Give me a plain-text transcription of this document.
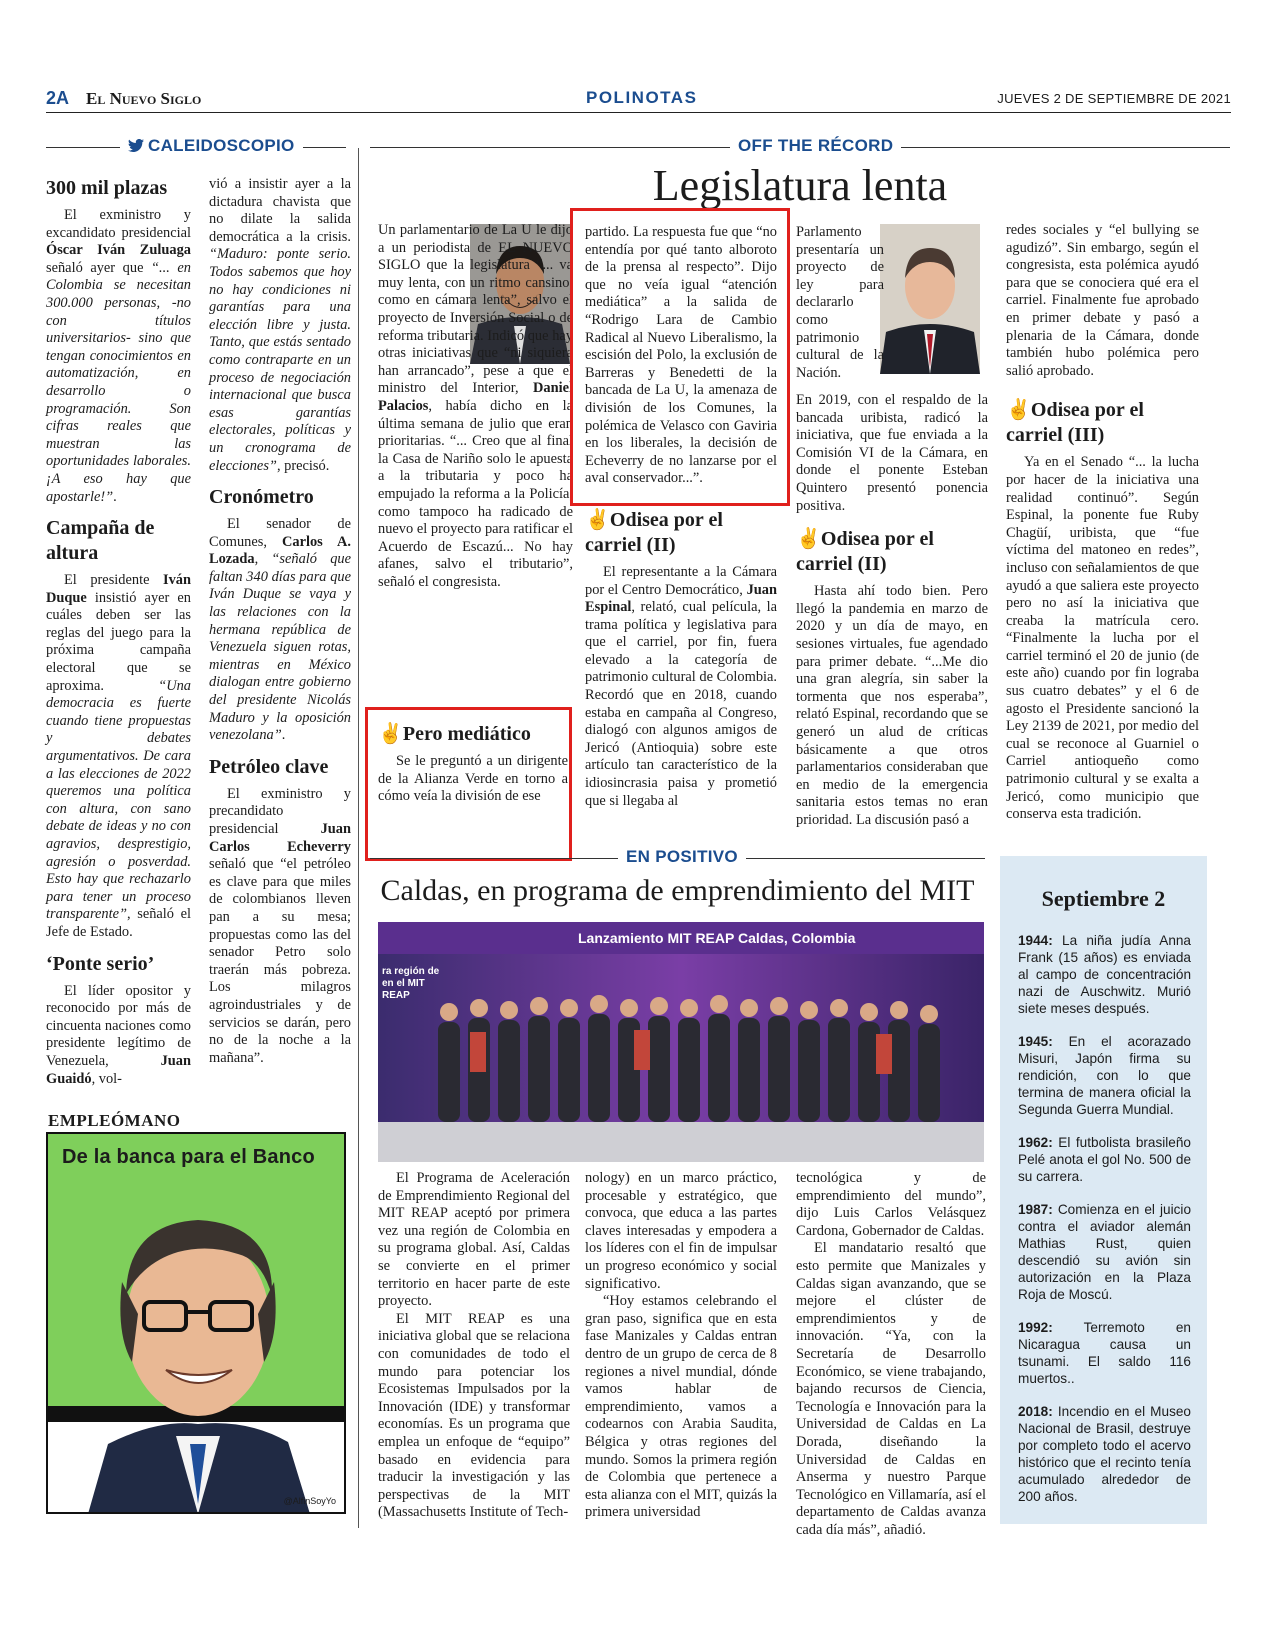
2A El Nuevo Siglo	POLINOTAS	JUEVES 2 DE SEPTIEMBRE DE 2021
CALEIDOSCOPIO
300 mil plazas

El exministro y excandidato presidencial Óscar Iván Zuluaga señaló ayer que “... en Colombia se necesitan 300.000 personas, -no con títulos universitarios- sino que tengan conocimientos en automatización, en desarrollo o programación. Son cifras reales que muestran las oportunidades laborales. ¡A eso hay que apostarle!”.

Campaña de altura

El presidente Iván Duque insistió ayer en cuáles deben ser las reglas del juego para la próxima campaña electoral que se aproxima. “Una democracia es fuerte cuando tiene propuestas y debates argumentativos. De cara a las elecciones de 2022 queremos una política con altura, con sano debate de ideas y no con agravios, desprestigio, agresión o posverdad. Esto hay que rechazarlo para tener un proceso transparente”, señaló el Jefe de Estado.

‘Ponte serio’

El líder opositor y reconocido por más de cincuenta naciones como presidente legítimo de Venezuela, Juan Guaidó, vol-

vió a insistir ayer a la dictadura chavista que no dilate la salida democrática a la crisis. “Maduro: ponte serio. Todos sabemos que hoy no hay condiciones ni garantías para una elección libre y justa. Tanto, que estás sentado como contraparte en un proceso de negociación internacional que busca esas garantías electorales, políticas y un cronograma de elecciones”, precisó.

Cronómetro

El senador de Comunes, Carlos A. Lozada, “señaló que faltan 340 días para que Iván Duque se vaya y las relaciones con la hermana república de Venezuela siguen rotas, mientras en México dialogan entre gobierno del presidente Nicolás Maduro y la oposición venezolana”.

Petróleo clave

El exministro y precandidato presidencial Juan Carlos Echeverry señaló que “el petróleo es clave para que miles de colombianos lleven pan a su mesa; propuestas como las del senador Petro solo traerán más pobreza. Los milagros agroindustriales y de servicios se darán, pero no de la noche a la mañana”.

EMPLEÓMANO
De la banca para el Banco
@AlfinSoyYo
OFF THE RÉCORD
Legislatura lenta

Un parlamentario de La U le dijo a un periodista de EL NUEVO SIGLO que la legislatura “... va muy lenta, con un ritmo cansino, como en cámara lenta”, salvo el proyecto de Inversión Social o de reforma tributaria. Indicó que hay otras iniciativas que “ni siquiera han arrancado”, pese a que el ministro del Interior, Daniel Palacios, había dicho en la última semana de julio que eran prioritarias. “... Creo que al final la Casa de Nariño solo le apuesta a la tributaria y poco ha empujado la reforma a la Policía, como tampoco ha radicado de nuevo el proyecto para ratificar el Acuerdo de Escazú... No hay afanes, salvo el tributario”, señaló el congresista.

✌Pero mediático

Se le preguntó a un dirigente de la Alianza Verde en torno a cómo veía la división de ese

partido. La respuesta fue que “no entendía por qué tanto alboroto de la prensa al respecto”. Dijo que no veía igual “atención mediática” a la salida de “Rodrigo Lara de Cambio Radical al Nuevo Liberalismo, la escisión del Polo, la exclusión de Barreras y Benedetti de la bancada de La U, la amenaza de división de los Comunes, la polémica de Velasco con Gaviria en los liberales, la decisión de Echeverry de no lanzarse por el aval conservador...”.

✌Odisea por el carriel (II)

El representante a la Cámara por el Centro Democrático, Juan Espinal, relató, cual película, la trama política y legislativa para que el carriel, por fin, fuera elevado a la categoría de patrimonio cultural de Colombia. Recordó que en 2018, cuando estaba en campaña al Congreso, dialogó con algunos amigos de Jericó (Antioquia) sobre este artículo tan característico de la idiosincrasia paisa y prometió que si llegaba al

Parlamento presentaría un proyecto de ley para declararlo como patrimonio cultural de la Nación.

En 2019, con el respaldo de la bancada uribista, radicó la iniciativa, que fue enviada a la Comisión VI de la Cámara, en donde el ponente Esteban Quintero presentó ponencia positiva.

✌Odisea por el carriel (II)

Hasta ahí todo bien. Pero llegó la pandemia en marzo de 2020 y un día de mayo, en sesiones virtuales, fue agendado para primer debate. “...Me dio una gran alegría, sin saber la tormenta que nos esperaba”, relató Espinal, recordando que se generó un alud de críticas básicamente a que otros parlamentarios consideraban que en medio de la emergencia sanitaria estos temas no eran prioridad. La discusión pasó a

redes sociales y “el bullying se agudizó”. Sin embargo, según el congresista, esta polémica ayudó para que se conociera qué era el carriel. Finalmente fue aprobado en primer debate y pasó a plenaria de la Cámara, donde también hubo polémica pero salió aprobado.

✌Odisea por el carriel (III)

Ya en el Senado “... la lucha por hacer de la iniciativa una realidad continuó”. Según Espinal, la ponente fue Ruby Chagüí, uribista, que “fue víctima del matoneo en redes”, incluso con señalamientos de que ayudó a que saliera este proyecto pero no así la iniciativa que creaba la matrícula cero. “Finalmente la lucha por el carriel terminó el 20 de junio (de este año) cuando por fin lograba sus cuatro debates” y el 6 de agosto el Presidente sancionó la Ley 2139 de 2021, por medio del cual se reconoce al Guarniel o Carriel antioqueño como patrimonio cultural y se exalta a Jericó, como municipio que conserva esta tradición.

EN POSITIVO
Caldas, en programa de emprendimiento del MIT
Lanzamiento MIT REAP Caldas, Colombia
ra región de en el MIT REAP

El Programa de Aceleración de Emprendimiento Regional del MIT REAP aceptó por primera vez una región de Colombia en su programa global. Así, Caldas se convierte en el primer territorio en hacer parte de este proyecto.
El MIT REAP es una iniciativa global que se relaciona con comunidades de todo el mundo para potenciar los Ecosistemas Impulsados por la Innovación (IDE) y transformar economías. Es un programa que emplea un enfoque de “equipo” basado en evidencia para traducir la investigación y las perspectivas de la MIT (Massachusetts Institute of Tech-

nology) en un marco práctico, procesable y estratégico, que convoca, que educa a las partes claves interesadas y empodera a los líderes con el fin de impulsar un progreso económico y social significativo.
“Hoy estamos celebrando el gran paso, significa que en esta fase Manizales y Caldas entran dentro de un grupo de cerca de 8 regiones a nivel mundial, dónde vamos hablar de emprendimiento, vamos a codearnos con Arabia Saudita, Bélgica y otras regiones del mundo. Somos la primera región de Colombia que pertenece a esta alianza con el MIT, quizás la primera universidad

tecnológica y de emprendimiento del mundo”, dijo Luis Carlos Velásquez Cardona, Gobernador de Caldas.
El mandatario resaltó que esto permite que Manizales y Caldas sigan avanzando, que se mejore el clúster de emprendimientos y de innovación. “Ya, con la Secretaría de Desarrollo Económico, se viene trabajando, bajando recursos de Ciencia, Tecnología e Innovación para la Universidad de Caldas en La Dorada, diseñando la Universidad de Caldas en Anserma y nuestro Parque Tecnológico en Villamaría, así el departamento de Caldas avanza cada día más”, añadió.

Septiembre 2
1944: La niña judía Anna Frank (15 años) es enviada al campo de concentración nazi de Auschwitz. Murió siete meses después.
1945: En el acorazado Misuri, Japón firma su rendición, con lo que termina de manera oficial la Segunda Guerra Mundial.
1962: El futbolista brasileño Pelé anota el gol No. 500 de su carrera.
1987: Comienza en el juicio contra el aviador alemán Mathias Rust, quien descendió su avión sin autorización en la Plaza Roja de Moscú.
1992: Terremoto en Nicaragua causa un tsunami. El saldo 116 muertos..
2018: Incendio en el Museo Nacional de Brasil, destruye por completo todo el acervo histórico que el recinto tenía acumulado alrededor de 200 años.
